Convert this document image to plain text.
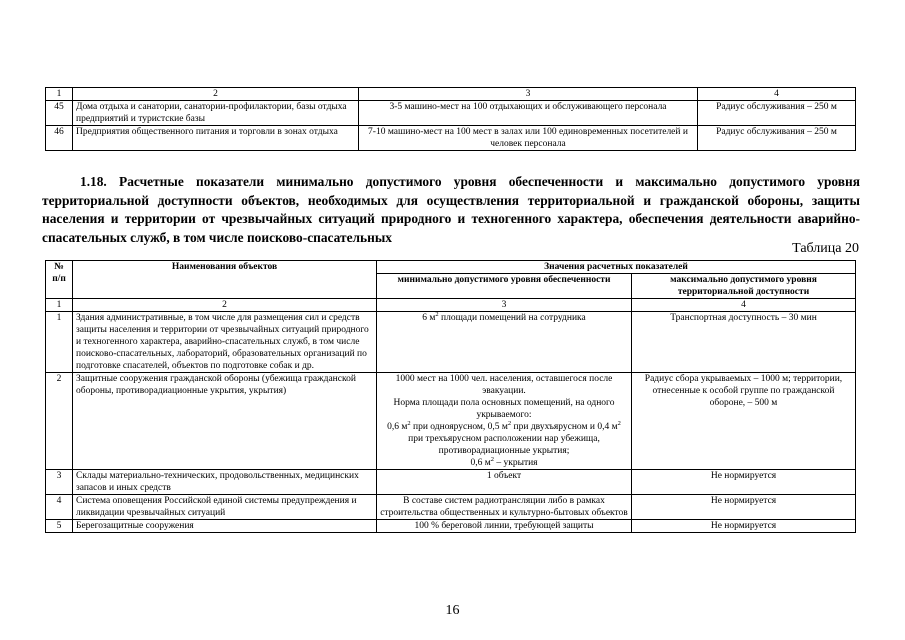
1	2	3	4
45	Дома отдыха и санатории, санатории-профилактории, базы отдыха предприятий и туристские базы	3-5 машино-мест на 100 отдыхающих и обслуживающего персонала	Радиус обслуживания – 250 м
46	Предприятия общественного питания и торговли в зонах отдыха	7-10 машино-мест на 100 мест в залах или 100 единовременных посетителей и человек персонала	Радиус обслуживания – 250 м

1.18. Расчетные показатели минимально допустимого уровня обеспеченности и максимально допустимого уровня территориальной доступности объектов, необходимых для осуществления территориальной и гражданской обороны, защиты населения и территории от чрезвычайных ситуаций природного и техногенного характера, обеспечения деятельности аварийно-спасательных служб, в том числе поисково-спасательных

Таблица 20

№ п/п	Наименования объектов	Значения расчетных показателей	
		минимально допустимого уровня обеспеченности	максимально допустимого уровня территориальной доступности
1	2	3	4
1	Здания административные, в том числе для размещения сил и средств защиты населения и территории от чрезвычайных ситуаций природного и техногенного характера, аварийно-спасательных служб, в том числе поисково-спасательных, лабораторий, образовательных организаций по подготовке спасателей, объектов по подготовке собак и др.	6 $м^2$ площади помещений на сотрудника	Транспортная доступность – 30 мин
2	Защитные сооружения гражданской обороны (убежища гражданской обороны, противорадиационные укрытия, укрытия)	1000 мест на 1000 чел. населения, оставшегося после эвакуации.
Норма площади пола основных помещений, на одного укрываемого:
0,6 $м^2$ при одноярусном, 0,5 $м^2$ при двухъярусном и 0,4 $м^2$ при трехъярусном расположении нар убежища, противорадиационные укрытия;
0,6 $м^2$ – укрытия	Радиус сбора укрываемых – 1000 м; территории, отнесенные к особой группе по гражданской обороне, – 500 м
3	Склады материально-технических, продовольственных, медицинских запасов и иных средств	1 объект	Не нормируется
4	Система оповещения Российской единой системы предупреждения и ликвидации чрезвычайных ситуаций	В составе систем радиотрансляции либо в рамках строительства общественных и культурно-бытовых объектов	Не нормируется
5	Берегозащитные сооружения	100 % береговой линии, требующей защиты	Не нормируется
16
